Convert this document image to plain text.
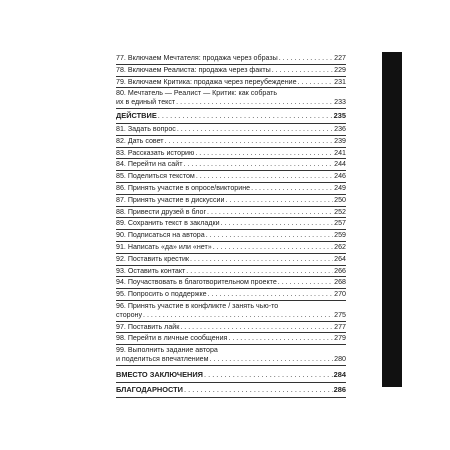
77. Включаем Мечтателя: продажа через образы . . .	227
78. Включаем Реалиста: продажа через факты . . .	229
79. Включаем Критика: продажа через переубеждение . . .	231
80. Мечтатель — Реалист — Критик: как собрать
их в единый текст . . .	233
ДЕЙСТВИЕ . . .	235
81. Задать вопрос . . .	236
82. Дать совет . . .	239
83. Рассказать историю . . .	241
84. Перейти на сайт . . .	244
85. Поделиться текстом . . .	246
86. Принять участие в опросе/викторине . . .	249
87. Принять участие в дискуссии . . .	250
88. Привести друзей в блог . . .	252
89. Сохранить текст в закладки . . .	257
90. Подписаться на автора . . .	259
91. Написать «да» или «нет» . . .	262
92. Поставить крестик . . .	264
93. Оставить контакт . . .	266
94. Поучаствовать в благотворительном проекте . . .	268
95. Попросить о поддержке . . .	270
96. Принять участие в конфликте / занять чью-то
сторону . . .	275
97. Поставить лайк . . .	277
98. Перейти в личные сообщения . . .	279
99. Выполнить задание автора
и поделиться впечатлением . . .	280
ВМЕСТО ЗАКЛЮЧЕНИЯ . . .	284
БЛАГОДАРНОСТИ . . .	286
